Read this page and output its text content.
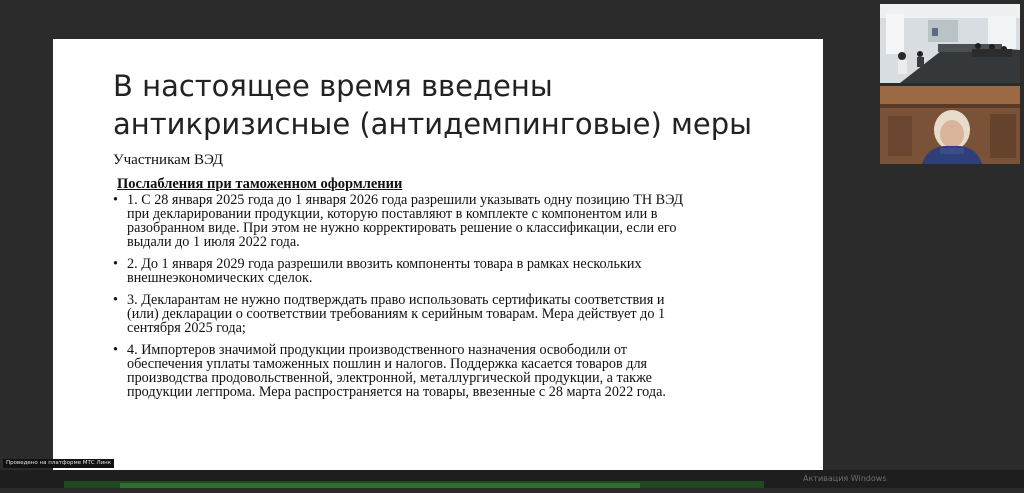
В настоящее время введены
антикризисные (антидемпинговые) меры
Участникам ВЭД
Послабления при таможенном оформлении
• 1. С 28 января 2025 года до 1 января 2026 года разрешили указывать одну позицию ТН ВЭД
при декларировании продукции, которую поставляют в комплекте с компонентом или в
разобранном виде. При этом не нужно корректировать решение о классификации, если его
выдали до 1 июля 2022 года.
• 2. До 1 января 2029 года разрешили ввозить компоненты товара в рамках нескольких
внешнеэкономических сделок.
• 3. Декларантам не нужно подтверждать право использовать сертификаты соответствия и
(или) декларации о соответствии требованиям к серийным товарам. Мера действует до 1
сентября 2025 года;
• 4. Импортеров значимой продукции производственного назначения освободили от
обеспечения уплаты таможенных пошлин и налогов. Поддержка касается товаров для
производства продовольственной, электронной, металлургической продукции, а также
продукции легпрома. Мера распространяется на товары, ввезенные с 28 марта 2022 года.
Проведено на платформе МТС Линк
Активация Windows
